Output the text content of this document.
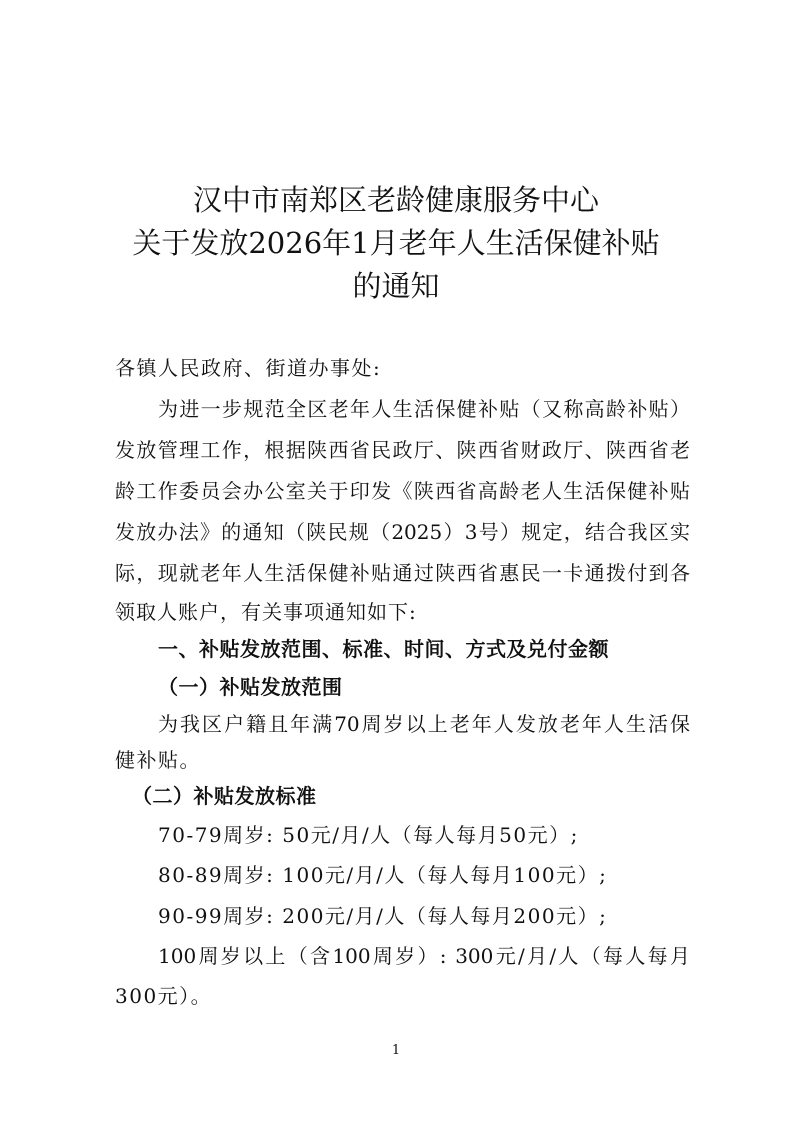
汉中市南郑区老龄健康服务中心
关于发放2026年1月老年人生活保健补贴
的通知
各镇人民政府、街道办事处:
为进一步规范全区老年人生活保健补贴（又称高龄补贴）
发放管理工作，根据陕西省民政厅、陕西省财政厅、陕西省老
龄工作委员会办公室关于印发《陕西省高龄老人生活保健补贴
发放办法》的通知（陕民规（2025）3号）规定，结合我区实
际，现就老年人生活保健补贴通过陕西省惠民一卡通拨付到各
领取人账户，有关事项通知如下:
一、补贴发放范围、标准、时间、方式及兑付金额
（一）补贴发放范围
为我区户籍且年满70周岁以上老年人发放老年人生活保
健补贴。
（二）补贴发放标准
70-79周岁: 50元/月/人（每人每月50元）;
80-89周岁: 100元/月/人（每人每月100元）;
90-99周岁: 200元/月/人（每人每月200元）;
100周岁以上（含100周岁）: 300元/月/人（每人每月
300元）。
1
